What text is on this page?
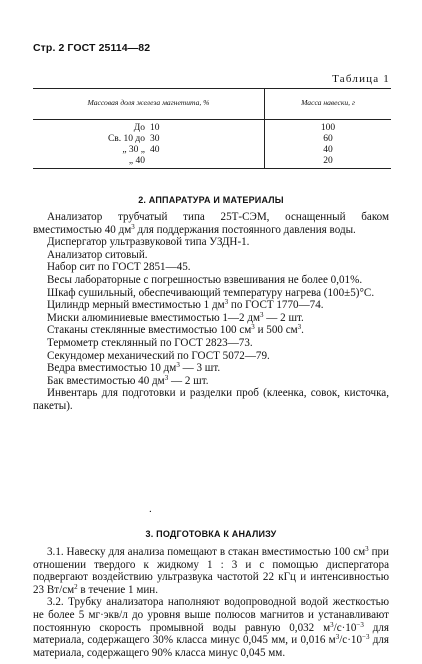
Стр. 2 ГОСТ 25114—82
Таблица 1
Массовая доля железа магнетита, %	Масса навески, г
До 10	100
Св. 10 до 30	60
„ 30 „ 40	40
„ 40	20
2. АППАРАТУРА И МАТЕРИАЛЫ

Анализатор трубчатый типа 25Т-СЭМ, оснащенный баком вместимостью 40 $дм^3$ для поддержания постоянного давления воды.

Диспергатор ультразвуковой типа УЗДН-1.

Анализатор ситовый.

Набор сит по ГОСТ 2851—45.

Весы лабораторные с погрешностью взвешивания не более 0,01%.

Шкаф сушильный, обеспечивающий температуру нагрева (100±5)°С.

Цилиндр мерный вместимостью 1 $дм^3$ по ГОСТ 1770—74.

Миски алюминиевые вместимостью 1—2 $дм^3$ — 2 шт.

Стаканы стеклянные вместимостью 100 $см^3$ и 500 $см^3$.

Термометр стеклянный по ГОСТ 2823—73.

Секундомер механический по ГОСТ 5072—79.

Ведра вместимостью 10 $дм^3$ — 3 шт.

Бак вместимостью 40 $дм^3$ — 2 шт.

Инвентарь для подготовки и разделки проб (клеенка, совок, кисточка, пакеты).

.
3. ПОДГОТОВКА К АНАЛИЗУ

3.1. Навеску для анализа помещают в стакан вместимостью 100 $см^3$ при отношении твердого к жидкому 1 : 3 и с помощью диспергатора подвергают воздействию ультразвука частотой 22 кГц и интенсивностью 23 $Вт/см^2$ в течение 1 мин.

3.2. Трубку анализатора наполняют водопроводной водой жесткостью не более 5 мг·экв/л до уровня выше полюсов магнитов и устанавливают постоянную скорость промывной воды равную 0,032 $м^3/с\cdot 10^{-3}$ для материала, содержащего 30% класса минус 0,045 мм, и 0,016 $м^3/с\cdot 10^{-3}$ для материала, содержащего 90% класса минус 0,045 мм.
